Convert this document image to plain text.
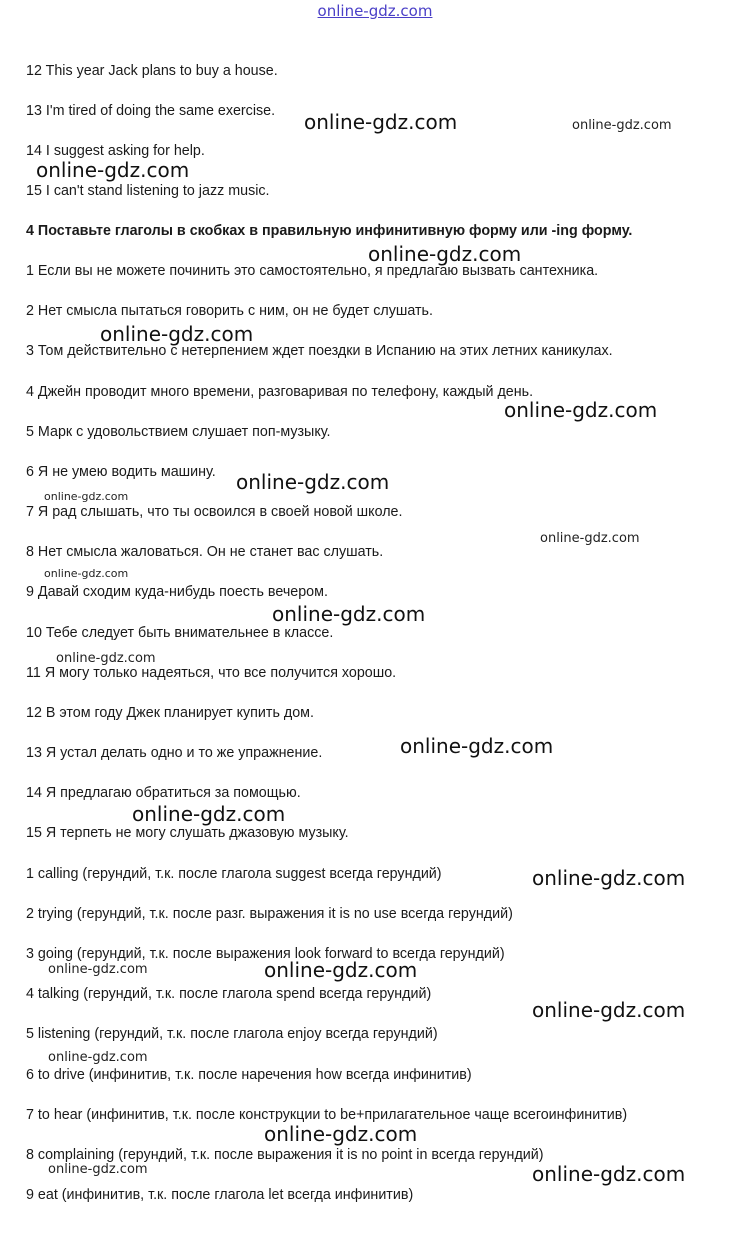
online-gdz.com
12 This year Jack plans to buy a house.
13 I'm tired of doing the same exercise.
14 I suggest asking for help.
15 I can't stand listening to jazz music.
4 Поставьте глаголы в скобках в правильную инфинитивную форму или -ing форму.
1 Если вы не можете починить это самостоятельно, я предлагаю вызвать сантехника.
2 Нет смысла пытаться говорить с ним, он не будет слушать.
3 Том действительно с нетерпением ждет поездки в Испанию на этих летних каникулах.
4 Джейн проводит много времени, разговаривая по телефону, каждый день.
5 Марк с удовольствием слушает поп-музыку.
6 Я не умею водить машину.
7 Я рад слышать, что ты освоился в своей новой школе.
8 Нет смысла жаловаться. Он не станет вас слушать.
9 Давай сходим куда-нибудь поесть вечером.
10 Тебе следует быть внимательнее в классе.
11 Я могу только надеяться, что все получится хорошо.
12 В этом году Джек планирует купить дом.
13 Я устал делать одно и то же упражнение.
14 Я предлагаю обратиться за помощью.
15 Я терпеть не могу слушать джазовую музыку.
1 calling (герундий, т.к. после глагола suggest всегда герундий)
2 trying (герундий, т.к. после разг. выражения it is no use всегда герундий)
3 going (герундий, т.к. после выражения look forward to всегда герундий)
4 talking (герундий, т.к. после глагола spend всегда герундий)
5 listening (герундий, т.к. после глагола enjoy всегда герундий)
6 to drive (инфинитив, т.к. после наречения how всегда инфинитив)
7 to hear (инфинитив, т.к. после конструкции to be+прилагательное чаще всегоинфинитив)
8 complaining (герундий, т.к. после выражения it is no point in всегда герундий)
9 eat (инфинитив, т.к. после глагола let всегда инфинитив)
online-gdz.com	online-gdz.com
online-gdz.com
online-gdz.com
online-gdz.com
online-gdz.com
online-gdz.com
online-gdz.com
online-gdz.com
online-gdz.com
online-gdz.com
online-gdz.com
online-gdz.com
online-gdz.com
online-gdz.com
online-gdz.com	online-gdz.com
online-gdz.com
online-gdz.com
online-gdz.com
online-gdz.com	online-gdz.com
